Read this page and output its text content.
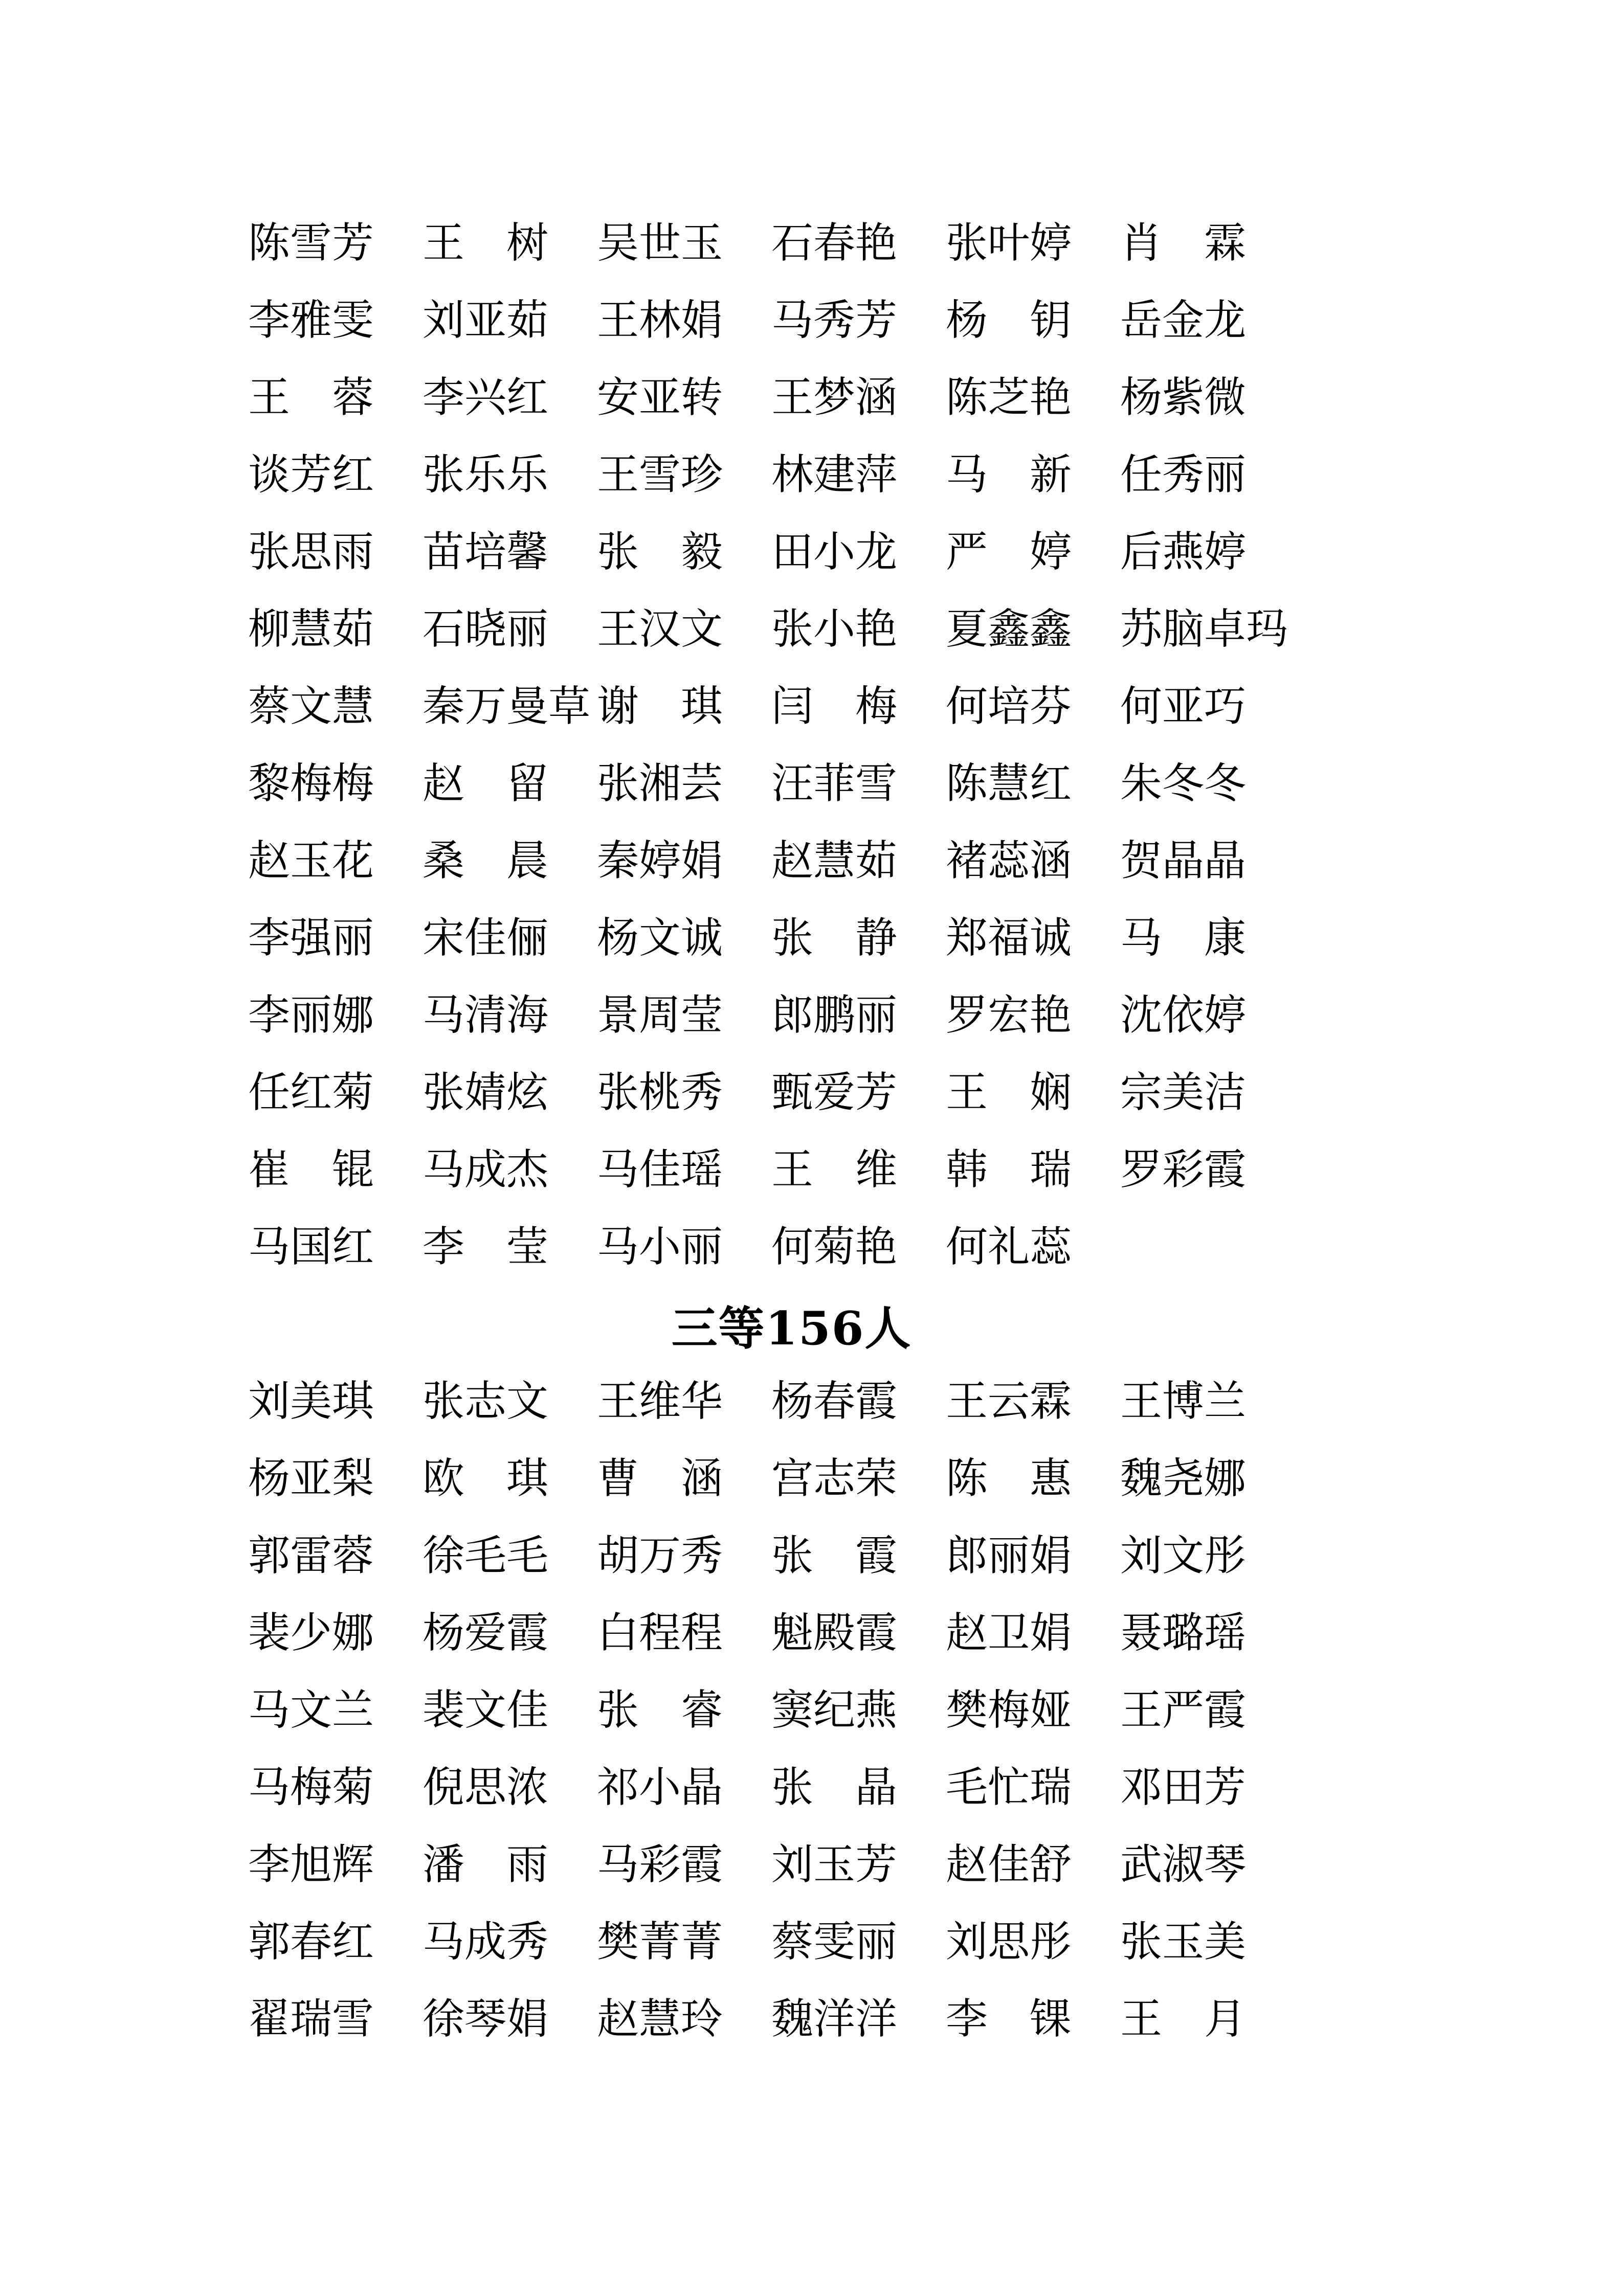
陈雪芳 王　树 吴世玉 石春艳 张叶婷 肖　霖
李雅雯 刘亚茹 王林娟 马秀芳 杨　钥 岳金龙
王　蓉 李兴红 安亚转 王梦涵 陈芝艳 杨紫微
谈芳红 张乐乐 王雪珍 林建萍 马　新 任秀丽
张思雨 苗培馨 张　毅 田小龙 严　婷 后燕婷
柳慧茹 石晓丽 王汉文 张小艳 夏鑫鑫 苏脑卓玛
蔡文慧 秦万曼草 谢　琪 闫　梅 何培芬 何亚巧
黎梅梅 赵　留 张湘芸 汪菲雪 陈慧红 朱冬冬
赵玉花 桑　晨 秦婷娟 赵慧茹 褚蕊涵 贺晶晶
李强丽 宋佳俪 杨文诚 张　静 郑福诚 马　康
李丽娜 马清海 景周莹 郎鹏丽 罗宏艳 沈依婷
任红菊 张婧炫 张桃秀 甄爱芳 王　娴 宗美洁
崔　锟 马成杰 马佳瑶 王　维 韩　瑞 罗彩霞
马国红 李　莹 马小丽 何菊艳 何礼蕊
三等156人
刘美琪 张志文 王维华 杨春霞 王云霖 王博兰
杨亚梨 欧　琪 曹　涵 宫志荣 陈　惠 魏尧娜
郭雷蓉 徐毛毛 胡万秀 张　霞 郎丽娟 刘文彤
裴少娜 杨爱霞 白程程 魁殿霞 赵卫娟 聂璐瑶
马文兰 裴文佳 张　睿 窦纪燕 樊梅娅 王严霞
马梅菊 倪思浓 祁小晶 张　晶 毛忙瑞 邓田芳
李旭辉 潘　雨 马彩霞 刘玉芳 赵佳舒 武淑琴
郭春红 马成秀 樊菁菁 蔡雯丽 刘思彤 张玉美
翟瑞雪 徐琴娟 赵慧玲 魏洋洋 李　锞 王　月
